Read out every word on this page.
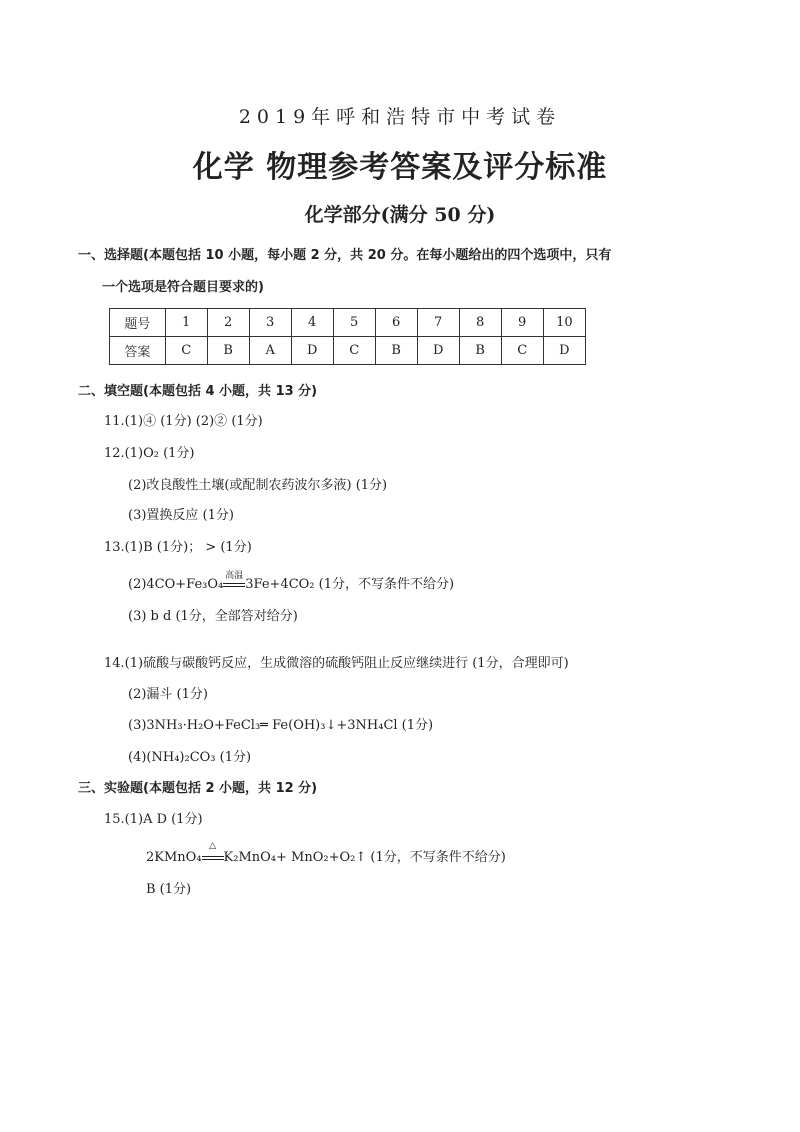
2019年呼和浩特市中考试卷
化学 物理参考答案及评分标准
化学部分(满分 50 分)
一、选择题(本题包括 10 小题，每小题 2 分，共 20 分。在每小题给出的四个选项中，只有
一个选项是符合题目要求的)
题号	1	2	3	4	5	6	7	8	9	10
答案	C	B	A	D	C	B	D	B	C	D
二、填空题(本题包括 4 小题，共 13 分)
11.(1)④ (1分) (2)② (1分)
12.(1)O₂ (1分)
(2)改良酸性土壤(或配制农药波尔多液) (1分)
(3)置换反应 (1分)
13.(1)B (1分)； > (1分)
(2)4CO+Fe₃O₄
高温
3Fe+4CO₂ (1分，不写条件不给分)
(3) b d (1分，全部答对给分)
14.(1)硫酸与碳酸钙反应，生成微溶的硫酸钙阻止反应继续进行 (1分，合理即可)
(2)漏斗 (1分)
(3)3NH₃·H₂O+FeCl₃═ Fe(OH)₃↓+3NH₄Cl (1分)
(4)(NH₄)₂CO₃ (1分)
三、实验题(本题包括 2 小题，共 12 分)
15.(1)A D (1分)
2KMnO₄
△
K₂MnO₄+ MnO₂+O₂↑ (1分，不写条件不给分)
B (1分)
